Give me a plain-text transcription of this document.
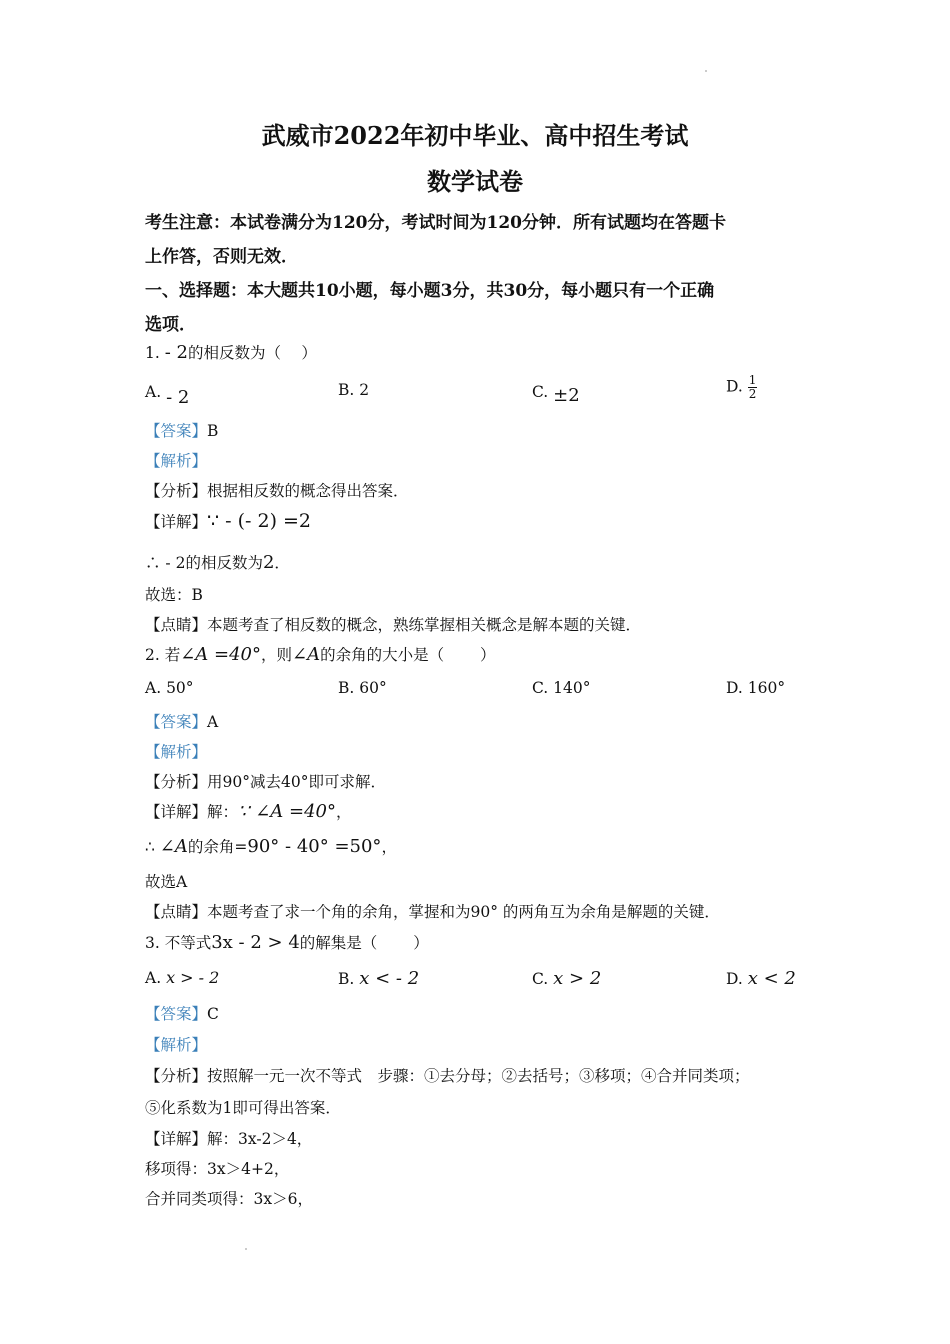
武威市2022年初中毕业、高中招生考试
数学试卷
考生注意：本试卷满分为120分，考试时间为120分钟．所有试题均在答题卡
上作答，否则无效．
一、选择题：本大题共10小题，每小题3分，共30分，每小题只有一个正确
选项．
1. - 2的相反数为（　 ）
A. - 2	B. 2	C. ±2	D. $\frac{1}{2}$
【答案】B
【解析】
【分析】根据相反数的概念得出答案．
【详解】∵ - (- 2) =2
∴ - 2的相反数为2．
故选：B
【点睛】本题考查了相反数的概念，熟练掌握相关概念是解本题的关键．
2. 若∠A =40°，则∠A的余角的大小是（　　 ）
A. 50°	B. 60°	C. 140°	D. 160°
【答案】A
【解析】
【分析】用90°减去40°即可求解．
【详解】解：∵ ∠A =40°，
∴ ∠A的余角=90° - 40° =50°，
故选A
【点睛】本题考查了求一个角的余角，掌握和为90° 的两角互为余角是解题的关键．
3. 不等式3x - 2 > 4的解集是（　　 ）
A. x > - 2	B. x < - 2	C. x > 2	D. x < 2
【答案】C
【解析】
【分析】按照解一元一次不等式　步骤：①去分母；②去括号；③移项；④合并同类项；
⑤化系数为1即可得出答案．
【详解】解：3x-2＞4，
移项得：3x＞4+2，
合并同类项得：3x＞6，
